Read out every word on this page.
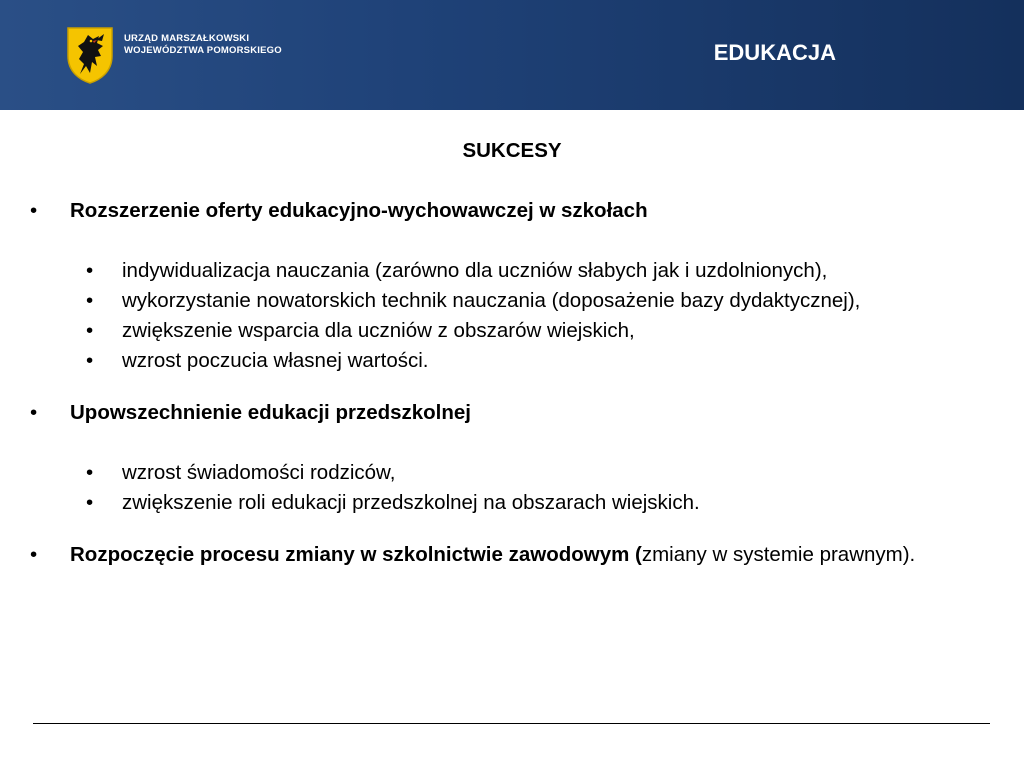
URZĄD MARSZAŁKOWSKI
WOJEWÓDZTWA POMORSKIEGO	EDUKACJA
SUKCESY
• Rozszerzenie oferty edukacyjno-wychowawczej w szkołach
• indywidualizacja nauczania (zarówno dla uczniów słabych jak i uzdolnionych),
• wykorzystanie nowatorskich technik nauczania (doposażenie bazy dydaktycznej),
• zwiększenie wsparcia dla uczniów z obszarów wiejskich,
• wzrost poczucia własnej wartości.
• Upowszechnienie edukacji przedszkolnej
• wzrost świadomości rodziców,
• zwiększenie roli edukacji przedszkolnej na obszarach wiejskich.
• Rozpoczęcie procesu zmiany w szkolnictwie zawodowym (zmiany w systemie prawnym).
